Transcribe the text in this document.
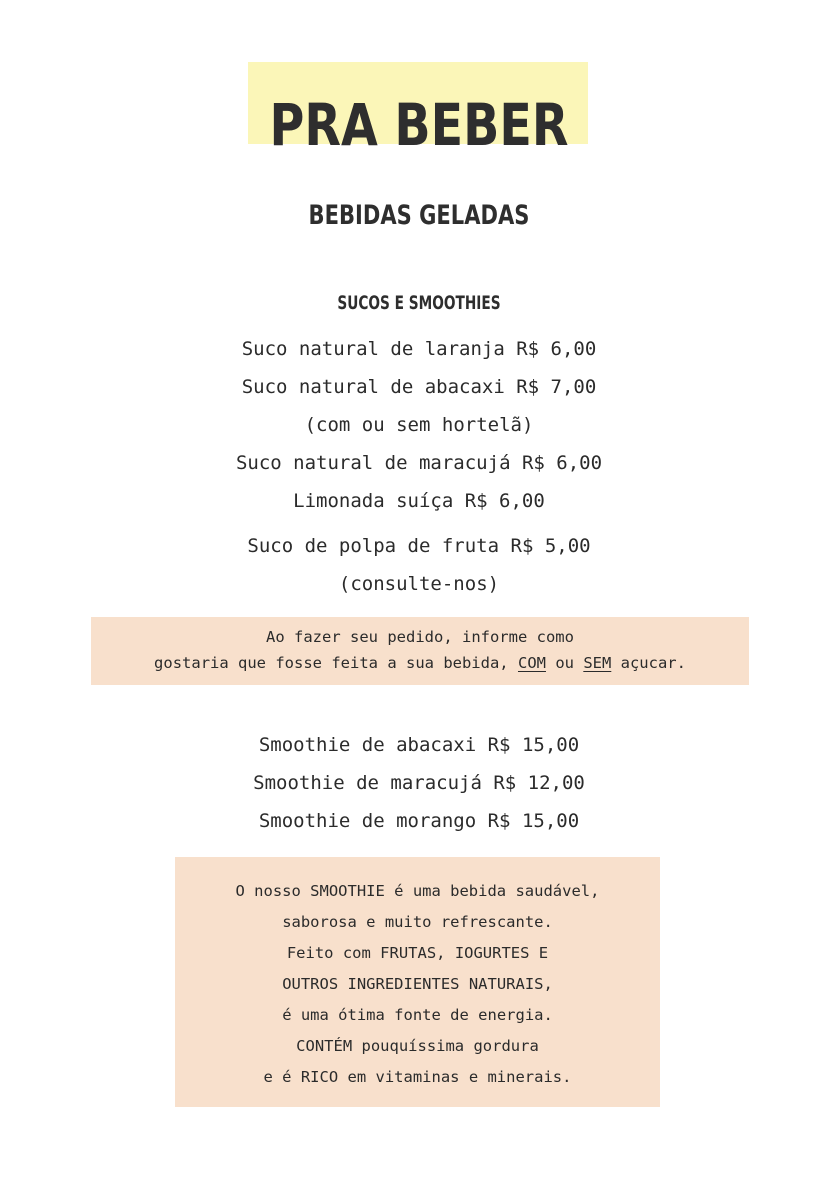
PRA BEBER
BEBIDAS GELADAS
SUCOS E SMOOTHIES
Suco natural de laranja R$ 6,00
Suco natural de abacaxi R$ 7,00
(com ou sem hortelã)
Suco natural de maracujá R$ 6,00
Limonada suíça R$ 6,00
Suco de polpa de fruta R$ 5,00
(consulte-nos)
Ao fazer seu pedido, informe como
gostaria que fosse feita a sua bebida, COM ou SEM açucar.
Smoothie de abacaxi R$ 15,00
Smoothie de maracujá R$ 12,00
Smoothie de morango R$ 15,00
O nosso SMOOTHIE é uma bebida saudável,
saborosa e muito refrescante.
Feito com FRUTAS, IOGURTES E
OUTROS INGREDIENTES NATURAIS,
é uma ótima fonte de energia.
CONTÉM pouquíssima gordura
e é RICO em vitaminas e minerais.
